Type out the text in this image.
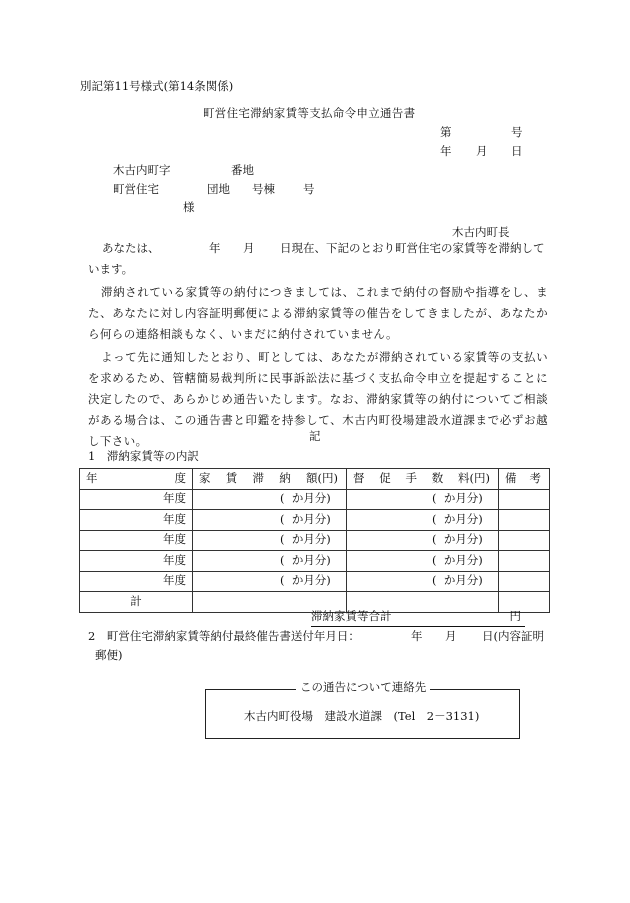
別記第11号様式(第14条関係)
町営住宅滞納家賃等支払命令申立通告書
第	号
年 月 日
木古内町字	番地
町営住宅	団地 号棟 号
様
木古内町長
あなたは、	年 月 日現在、下記のとおり町営住宅の家賃等を滞納して
います。
滞納されている家賃等の納付につきましては、これまで納付の督励や指導をし、また、あなたに対し内容証明郵便による滞納家賃等の催告をしてきましたが、あなたから何らの連絡相談もなく、いまだに納付されていません。
よって先に通知したとおり、町としては、あなたが滞納されている家賃等の支払いを求めるため、管轄簡易裁判所に民事訴訟法に基づく支払命令申立を提起することに決定したので、あらかじめ通告いたします。なお、滞納家賃等の納付についてご相談がある場合は、この通告書と印鑑を持参して、木古内町役場建設水道課まで必ずお越し下さい。	記
1　滞納家賃等の内訳
年 度	家 賃 滞 納 額(円)	督 促 手 数 料(円)	備 考

年度	( か月分)	( か月分)	
年度	( か月分)	( か月分)	
年度	( か月分)	( か月分)	
年度	( か月分)	( か月分)	
年度	( か月分)	( か月分)	
計			
滞納家賃等合計	円
2　町営住宅滞納家賃等納付最終催告書送付年月日：	年 月 日(内容証明
郵便)
この通告について連絡先
木古内町役場　建設水道課　(Tel　2－3131)
